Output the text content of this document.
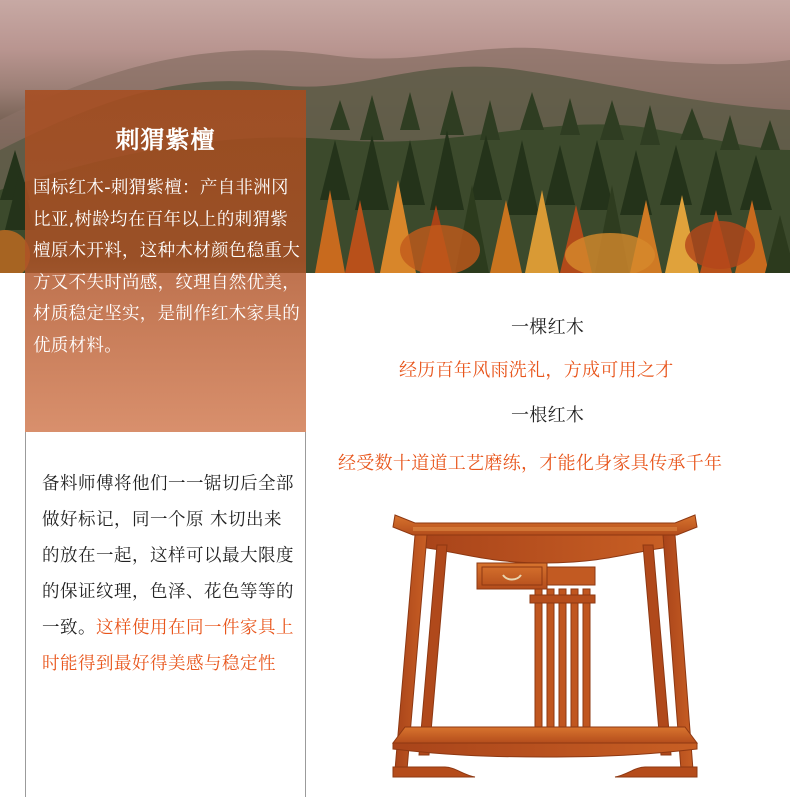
刺猬紫檀
国标红木-刺猬紫檀：产自非洲冈比亚,树龄均在百年以上的刺猬紫檀原木开料，这种木材颜色稳重大方又不失时尚感，纹理自然优美，材质稳定坚实，是制作红木家具的优质材料。
备料师傅将他们一一锯切后全部做好标记，同一个原 木切出来的放在一起，这样可以最大限度的保证纹理，色泽、花色等等的一致。这样使用在同一件家具上时能得到最好得美感与稳定性
一棵红木
经历百年风雨洗礼，方成可用之才
一根红木
经受数十道道工艺磨练，才能化身家具传承千年
